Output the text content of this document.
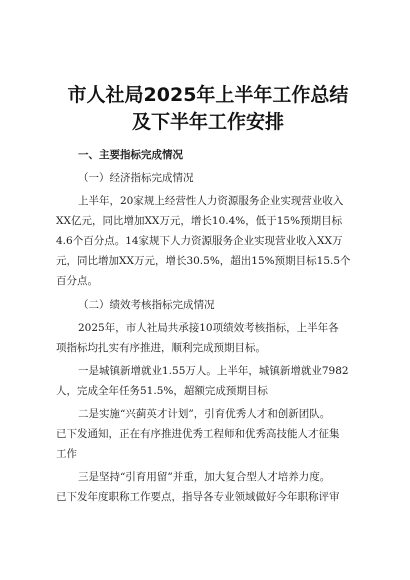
市人社局2025年上半年工作总结及下半年工作安排
一、主要指标完成情况
（一）经济指标完成情况
上半年，20家规上经营性人力资源服务企业实现营业收入
XX亿元，同比增加XX万元，增长10.4%，低于15%预期目标
4.6个百分点。14家规下人力资源服务企业实现营业收入XX万
元，同比增加XX万元，增长30.5%，超出15%预期目标15.5个
百分点。
（二）绩效考核指标完成情况
2025年，市人社局共承接10项绩效考核指标，上半年各
项指标均扎实有序推进，顺利完成预期目标。
一是城镇新增就业1.55万人。上半年，城镇新增就业7982
人，完成全年任务51.5%，超额完成预期目标
二是实施“兴蓟英才计划”，引育优秀人才和创新团队。
已下发通知，正在有序推进优秀工程师和优秀高技能人才征集
工作
三是坚持“引育用留”并重，加大复合型人才培养力度。
已下发年度职称工作要点，指导各专业领域做好今年职称评审
